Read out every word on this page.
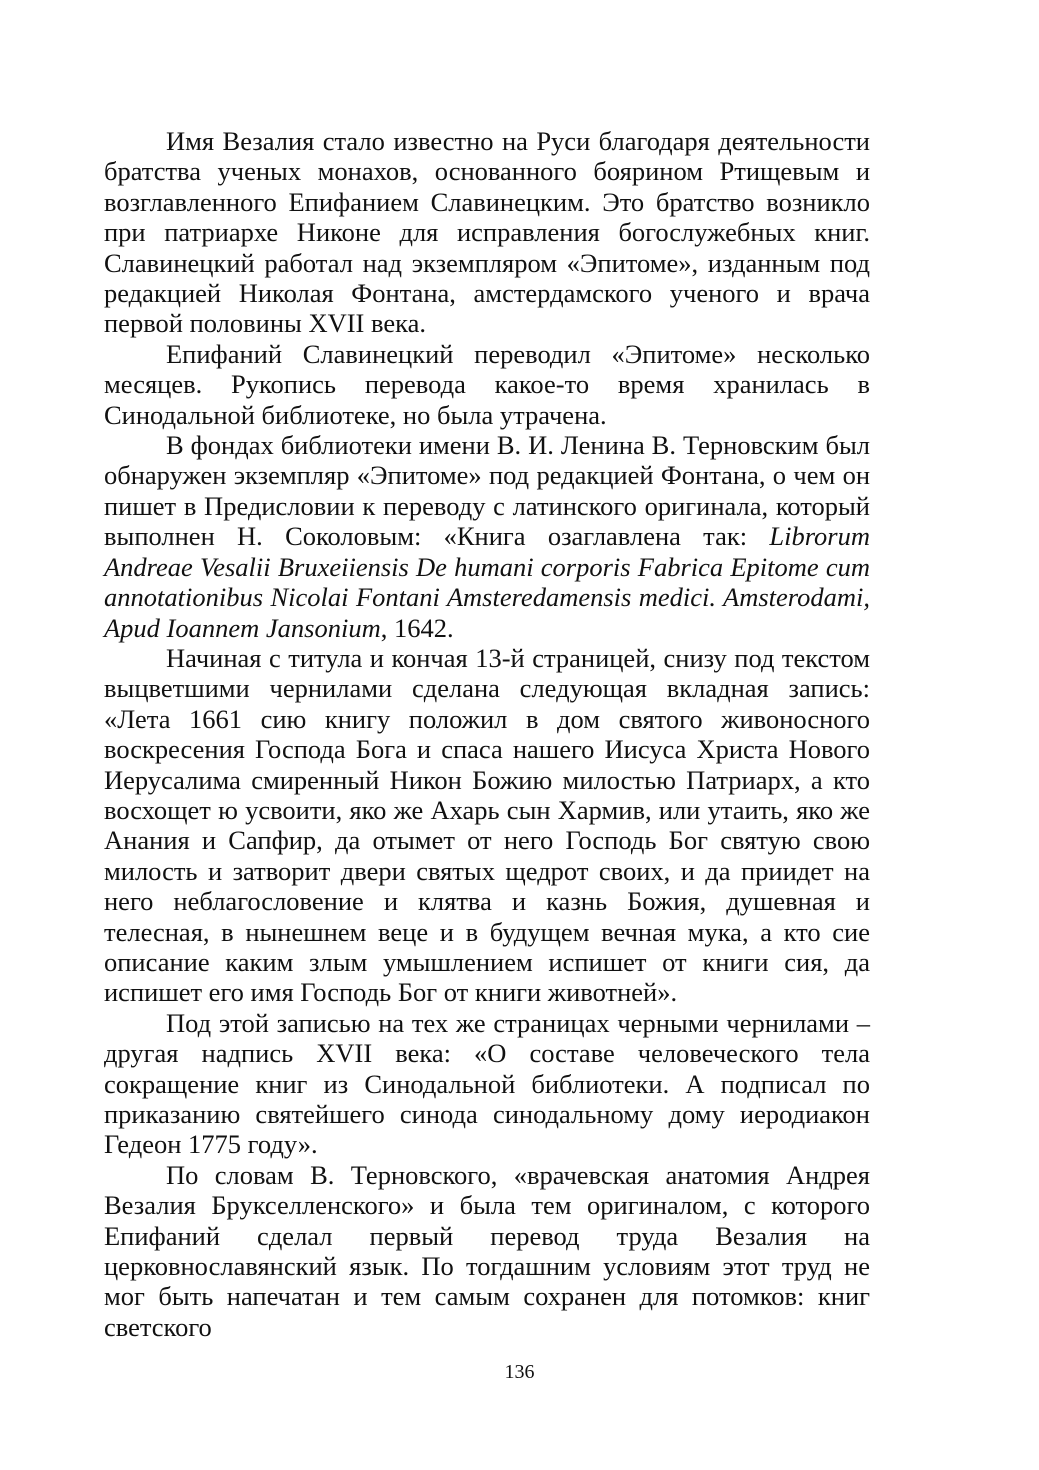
Имя Везалия стало известно на Руси благодаря деятельности братства ученых монахов, основанного боярином Ртищевым и возглавленного Епифанием Славинецким. Это братство возникло при патриархе Никоне для исправления богослужебных книг. Славинецкий работал над экземпляром «Эпитоме», изданным под редакцией Николая Фонтана, амстердамского ученого и врача первой половины XVII века.

Епифаний Славинецкий переводил «Эпитоме» несколько месяцев. Рукопись перевода какое-то время хранилась в Синодальной библиотеке, но была утрачена.

В фондах библиотеки имени В. И. Ленина В. Терновским был обнаружен экземпляр «Эпитоме» под редакцией Фонтана, о чем он пишет в Предисловии к переводу с латинского оригинала, который выполнен Н. Соколовым: «Книга озаглавлена так: Librorum Andreae Vesalii Bruxeiiensis De humani corporis Fabrica Epitome cum annotationibus Nicolai Fontani Amsteredamensis medici. Amsterodami, Apud Ioannem Jansonium, 1642.

Начиная с титула и кончая 13-й страницей, снизу под текстом выцветшими чернилами сделана следующая вкладная запись: «Лета 1661 сию книгу положил в дом святого живоносного воскресения Господа Бога и спаса нашего Иисуса Христа Нового Иерусалима смиренный Никон Божию милостью Патриарх, а кто восхощет ю усвоити, яко же Ахарь сын Хармив, или утаить, яко же Анания и Сапфир, да отымет от него Господь Бог святую свою милость и затворит двери святых щедрот своих, и да приидет на него неблагословение и клятва и казнь Божия, душевная и телесная, в нынешнем веце и в будущем вечная мука, а кто сие описание каким злым умышлением испишет от книги сия, да испишет его имя Господь Бог от книги животней».

Под этой записью на тех же страницах черными чернилами – другая надпись XVII века: «О составе человеческого тела сокращение книг из Синодальной библиотеки. А подписал по приказанию святейшего синода синодальному дому иеродиакон Гедеон 1775 году».

По словам В. Терновского, «врачевская анатомия Андрея Везалия Брукселленского» и была тем оригиналом, с которого Епифаний сделал первый перевод труда Везалия на церковнославянский язык. По тогдашним условиям этот труд не мог быть напечатан и тем самым сохранен для потомков: книг светского

136
